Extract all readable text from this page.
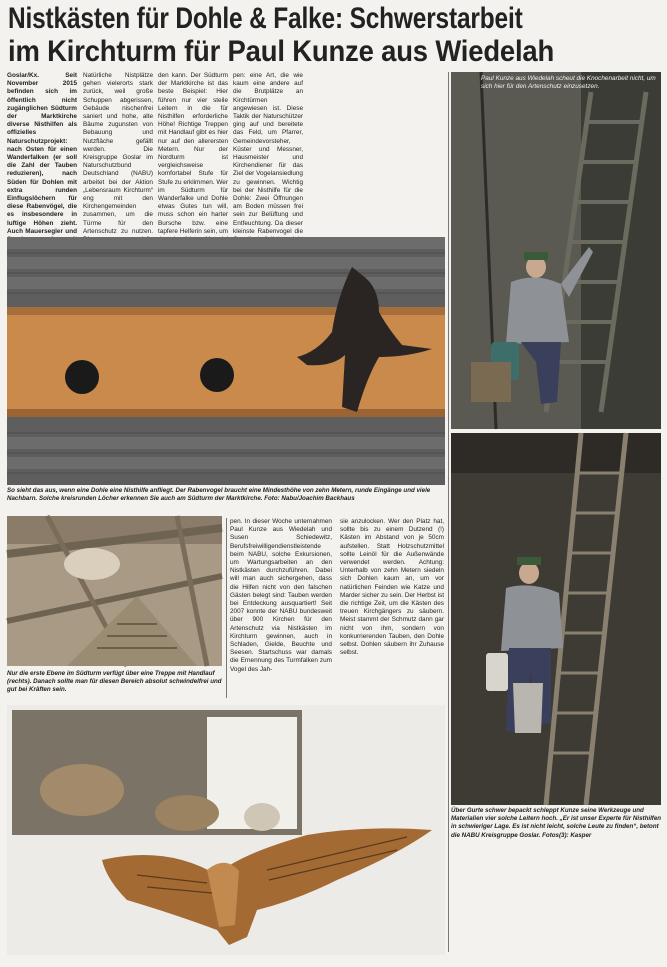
Nistkästen für Dohle & Falke: Schwerstarbeit
im Kirchturm für Paul Kunze aus Wiedelah
Goslar/Kx. Seit November 2015 befinden sich im öffentlich nicht zugänglichen Südturm der Marktkirche diverse Nisthilfen als offizielles Naturschutzprojekt: nach Osten für einen Wanderfalken (er soll die Zahl der Tauben reduzieren), nach Süden für Dohlen mit extra runden Einflugslöchern für diese Rabenvögel, die es insbesondere in luftige Höhen zieht. Auch Mauersegler und
Natürliche Nistplätze gehen vielerorts stark zurück, weil große Schuppen abgerissen, Gebäude nischenfrei saniert und hohe, alte Bäume zugunsten von Bebauung und Nutzfläche gefällt werden. Die Kreisgruppe Goslar im Naturschutzbund Deutschland (NABU) arbeitet bei der Aktion „Lebensraum Kirchturm“ eng mit den Kirchengemeinden zusammen, um die Türme für den Artenschutz zu nutzen.
den kann. Der Südturm der Marktkirche ist das beste Beispiel: Hier führen nur vier steile Leitern in die für Nisthilfen erforderliche Höhe! Richtige Treppen mit Handlauf gibt es hier nur auf den allerersten Metern. Nur der Nordturm ist vergleichsweise komfortabel Stufe für Stufe zu erklimmen. Wer im Südturm für Wanderfalke und Dohle etwas Gutes tun will, muss schon ein harter Bursche bzw. eine tapfere Helferin sein, um
pen: eine Art, die wie kaum eine andere auf die Brutplätze an Kirchtürmen angewiesen ist. Diese Taktik der Naturschützer ging auf und bereitete das Feld, um Pfarrer, Gemeindevorsteher, Küster und Messner, Hausmeister und Kirchendiener für das Ziel der Vogelansiedlung zu gewinnen. Wichtig bei der Nisthilfe für die Dohle: Zwei Öffnungen am Boden müssen frei sein zur Belüftung und Entfeuchtung. Da dieser kleinste Rabenvogel die
Paul Kunze aus Wiedelah scheut die Knochenarbeit nicht, um sich hier für den Artenschutz einzusetzen.
So sieht das aus, wenn eine Dohle eine Nisthilfe anfliegt. Der Rabenvogel braucht eine Mindesthöhe von zehn Metern, runde Eingänge und viele Nachbarn. Solche kreisrunden Löcher erkennen Sie auch am Südturm der Marktkirche. Foto: Nabu/Joachim Backhaus
Nur die erste Ebene im Südturm verfügt über eine Treppe mit Handlauf (rechts). Danach sollte man für diesen Bereich absolut schwindelfrei und gut bei Kräften sein.
pen. In dieser Woche unternahmen Paul Kunze aus Wiedelah und Susen Schiedewitz, Berufsfreiwilligendienstleistende beim NABU, solche Exkursionen, um Wartungsarbeiten an den Nistkästen durchzuführen. Dabei will man auch sichergehen, dass die Hilfen nicht von den falschen Gästen belegt sind: Tauben werden bei Entdeckung ausquartiert! Seit 2007 konnte der NABU bundesweit über 900 Kirchen für den Artenschutz via Nistkästen im Kirchturm gewinnen, auch in Schladen, Gielde, Beuchte und Seesen. Startschuss war damals die Ernennung des Turmfalken zum Vogel des Jah-
sie anzulocken. Wer den Platz hat, sollte bis zu einem Dutzend (!) Kästen im Abstand von je 50cm aufstellen. Statt Holzschutzmittel sollte Leinöl für die Außenwände verwendet werden. Achtung: Unterhalb von zehn Metern siedeln sich Dohlen kaum an, um vor natürlichen Feinden wie Katze und Marder sicher zu sein. Der Herbst ist die richtige Zeit, um die Kästen des treuen Kirchgängers zu säubern. Meist stammt der Schmutz dann gar nicht von ihm, sondern von konkurrierenden Tauben, den Dohle selbst. Dohlen säubern ihr Zuhause selbst.
Über Gurte schwer bepackt schleppt Kunze seine Werkzeuge und Materialien vier solche Leitern hoch. „Er ist unser Experte für Nisthilfen in schwieriger Lage. Es ist nicht leicht, solche Leute zu finden“, betont die NABU Kreisgruppe Goslar. Fotos(3): Kasper
